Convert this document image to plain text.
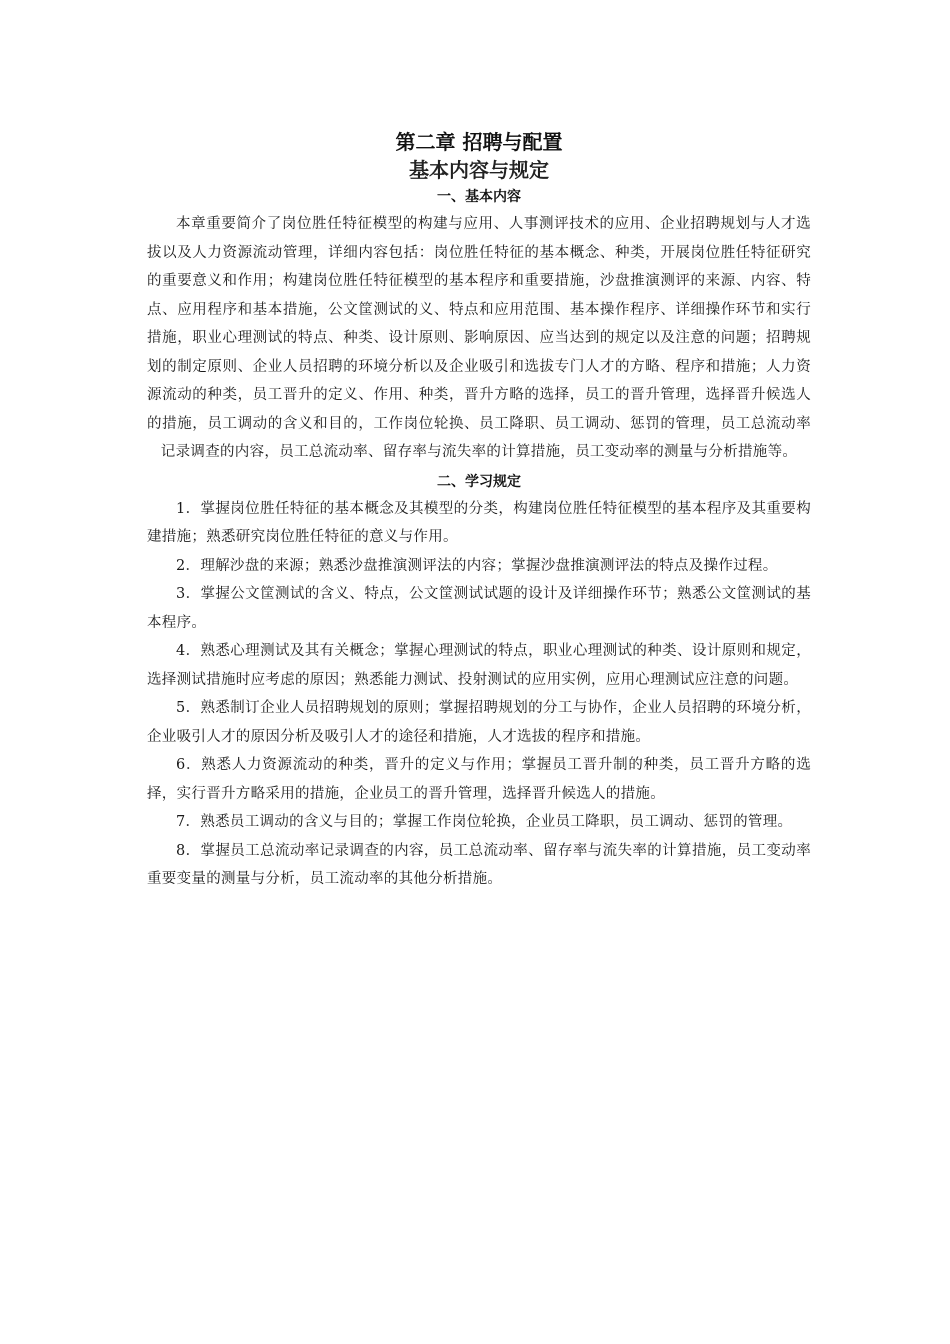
第二章 招聘与配置
基本内容与规定
一、基本内容

本章重要简介了岗位胜任特征模型的构建与应用、人事测评技术的应用、企业招聘规划与人才选拔以及人力资源流动管理，详细内容包括：岗位胜任特征的基本概念、种类，开展岗位胜任特征研究的重要意义和作用；构建岗位胜任特征模型的基本程序和重要措施，沙盘推演测评的来源、内容、特点、应用程序和基本措施，公文筐测试的义、特点和应用范围、基本操作程序、详细操作环节和实行措施，职业心理测试的特点、种类、设计原则、影响原因、应当达到的规定以及注意的问题；招聘规划的制定原则、企业人员招聘的环境分析以及企业吸引和选拔专门人才的方略、程序和措施；人力资源流动的种类，员工晋升的定义、作用、种类，晋升方略的选择，员工的晋升管理，选择晋升候选人的措施，员工调动的含义和目的，工作岗位轮换、员工降职、员工调动、惩罚的管理，员工总流动率记录调查的内容，员工总流动率、留存率与流失率的计算措施，员工变动率的测量与分析措施等。

二、学习规定
1．掌握岗位胜任特征的基本概念及其模型的分类，构建岗位胜任特征模型的基本程序及其重要构建措施；熟悉研究岗位胜任特征的意义与作用。
2．理解沙盘的来源；熟悉沙盘推演测评法的内容；掌握沙盘推演测评法的特点及操作过程。
3．掌握公文筐测试的含义、特点，公文筐测试试题的设计及详细操作环节；熟悉公文筐测试的基本程序。
4．熟悉心理测试及其有关概念；掌握心理测试的特点，职业心理测试的种类、设计原则和规定，选择测试措施时应考虑的原因；熟悉能力测试、投射测试的应用实例，应用心理测试应注意的问题。
5．熟悉制订企业人员招聘规划的原则；掌握招聘规划的分工与协作，企业人员招聘的环境分析，企业吸引人才的原因分析及吸引人才的途径和措施，人才选拔的程序和措施。
6．熟悉人力资源流动的种类，晋升的定义与作用；掌握员工晋升制的种类，员工晋升方略的选择，实行晋升方略采用的措施，企业员工的晋升管理，选择晋升候选人的措施。
7．熟悉员工调动的含义与目的；掌握工作岗位轮换，企业员工降职，员工调动、惩罚的管理。
8．掌握员工总流动率记录调查的内容，员工总流动率、留存率与流失率的计算措施，员工变动率重要变量的测量与分析，员工流动率的其他分析措施。
